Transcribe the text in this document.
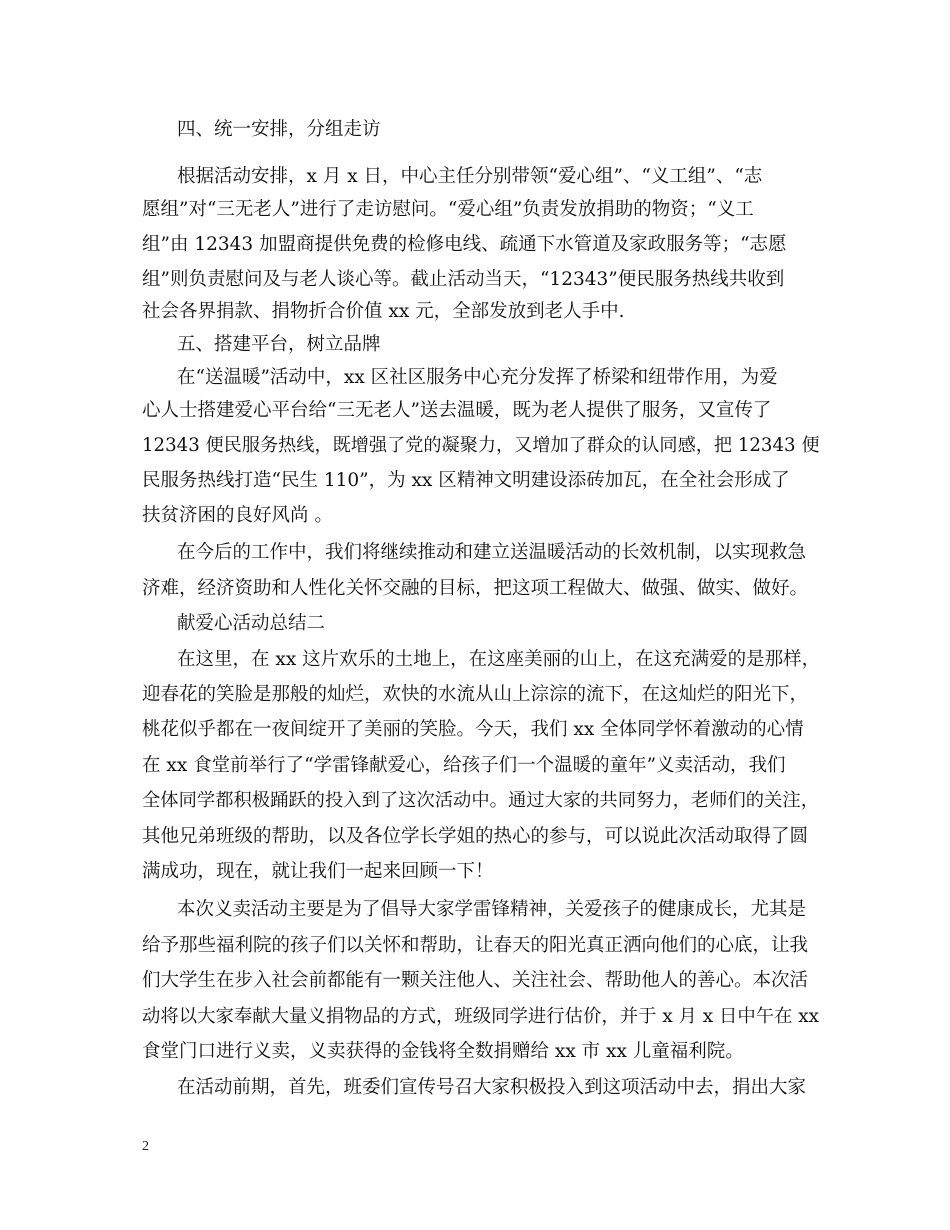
四、统一安排，分组走访
根据活动安排，x 月 x 日，中心主任分别带领“爱心组”、“义工组”、“志
愿组”对“三无老人”进行了走访慰问。“爱心组”负责发放捐助的物资；“义工
组”由 12343 加盟商提供免费的检修电线、疏通下水管道及家政服务等；“志愿
组”则负责慰问及与老人谈心等。截止活动当天，“12343”便民服务热线共收到
社会各界捐款、捐物折合价值 xx 元，全部发放到老人手中.
五、搭建平台，树立品牌
在“送温暖”活动中，xx 区社区服务中心充分发挥了桥梁和纽带作用，为爱
心人士搭建爱心平台给“三无老人”送去温暖，既为老人提供了服务，又宣传了
12343 便民服务热线，既增强了党的凝聚力，又增加了群众的认同感，把 12343 便
民服务热线打造“民生 110”，为 xx 区精神文明建设添砖加瓦，在全社会形成了
扶贫济困的良好风尚 。
在今后的工作中，我们将继续推动和建立送温暖活动的长效机制，以实现救急
济难，经济资助和人性化关怀交融的目标，把这项工程做大、做强、做实、做好。
献爱心活动总结二
在这里，在 xx 这片欢乐的土地上，在这座美丽的山上，在这充满爱的是那样，
迎春花的笑脸是那般的灿烂，欢快的水流从山上淙淙的流下，在这灿烂的阳光下，
桃花似乎都在一夜间绽开了美丽的笑脸。今天，我们 xx 全体同学怀着激动的心情
在 xx 食堂前举行了“学雷锋献爱心，给孩子们一个温暖的童年”义卖活动，我们
全体同学都积极踊跃的投入到了这次活动中。通过大家的共同努力，老师们的关注，
其他兄弟班级的帮助，以及各位学长学姐的热心的参与，可以说此次活动取得了圆
满成功，现在，就让我们一起来回顾一下！
本次义卖活动主要是为了倡导大家学雷锋精神，关爱孩子的健康成长，尤其是
给予那些福利院的孩子们以关怀和帮助，让春天的阳光真正洒向他们的心底，让我
们大学生在步入社会前都能有一颗关注他人、关注社会、帮助他人的善心。本次活
动将以大家奉献大量义捐物品的方式，班级同学进行估价，并于 x 月 x 日中午在 xx
食堂门口进行义卖，义卖获得的金钱将全数捐赠给 xx 市 xx 儿童福利院。
在活动前期，首先，班委们宣传号召大家积极投入到这项活动中去，捐出大家
2
